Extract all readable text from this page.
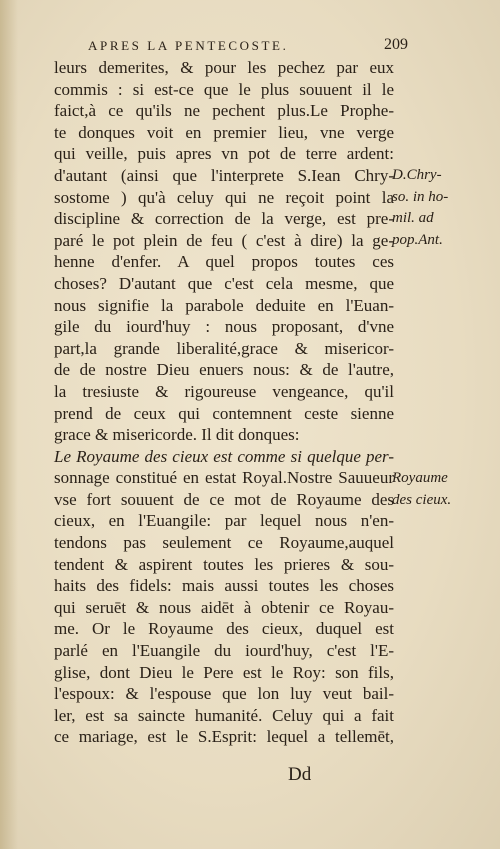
APRES LA PENTECOSTE.	209
leurs demerites, & pour les pechez par eux
commis : si est-ce que le plus souuent il le
faict,à ce qu'ils ne pechent plus.Le Prophe-
te donques voit en premier lieu, vne verge
qui veille, puis apres vn pot de terre ardent:
d'autant (ainsi que l'interprete S.Iean Chry-
sostome ) qu'à celuy qui ne reçoit point la
discipline & correction de la verge, est pre-
paré le pot plein de feu ( c'est à dire) la ge-
henne d'enfer. A quel propos toutes ces
choses? D'autant que c'est cela mesme, que
nous signifie la parabole deduite en l'Euan-
gile du iourd'huy : nous proposant, d'vne
part,la grande liberalité,grace & misericor-
de de nostre Dieu enuers nous: & de l'autre,
la tresiuste & rigoureuse vengeance, qu'il
prend de ceux qui contemnent ceste sienne
grace & misericorde. Il dit donques:
Le Royaume des cieux est comme si quelque per-
sonnage constitué en estat Royal.Nostre Sauueur
vse fort souuent de ce mot de Royaume des
cieux, en l'Euangile: par lequel nous n'en-
tendons pas seulement ce Royaume,auquel
tendent & aspirent toutes les prieres & sou-
haits des fidels: mais aussi toutes les choses
qui seruēt & nous aidēt à obtenir ce Royau-
me. Or le Royaume des cieux, duquel est
parlé en l'Euangile du iourd'huy, c'est l'E-
glise, dont Dieu le Pere est le Roy: son fils,
l'espoux: & l'espouse que lon luy veut bail-
ler, est sa saincte humanité. Celuy qui a fait
ce mariage, est le S.Esprit: lequel a tellemēt,
D.Chry-
so. in ho-
mil. ad
pop.Ant.
Royaume
des cieux.
Dd
